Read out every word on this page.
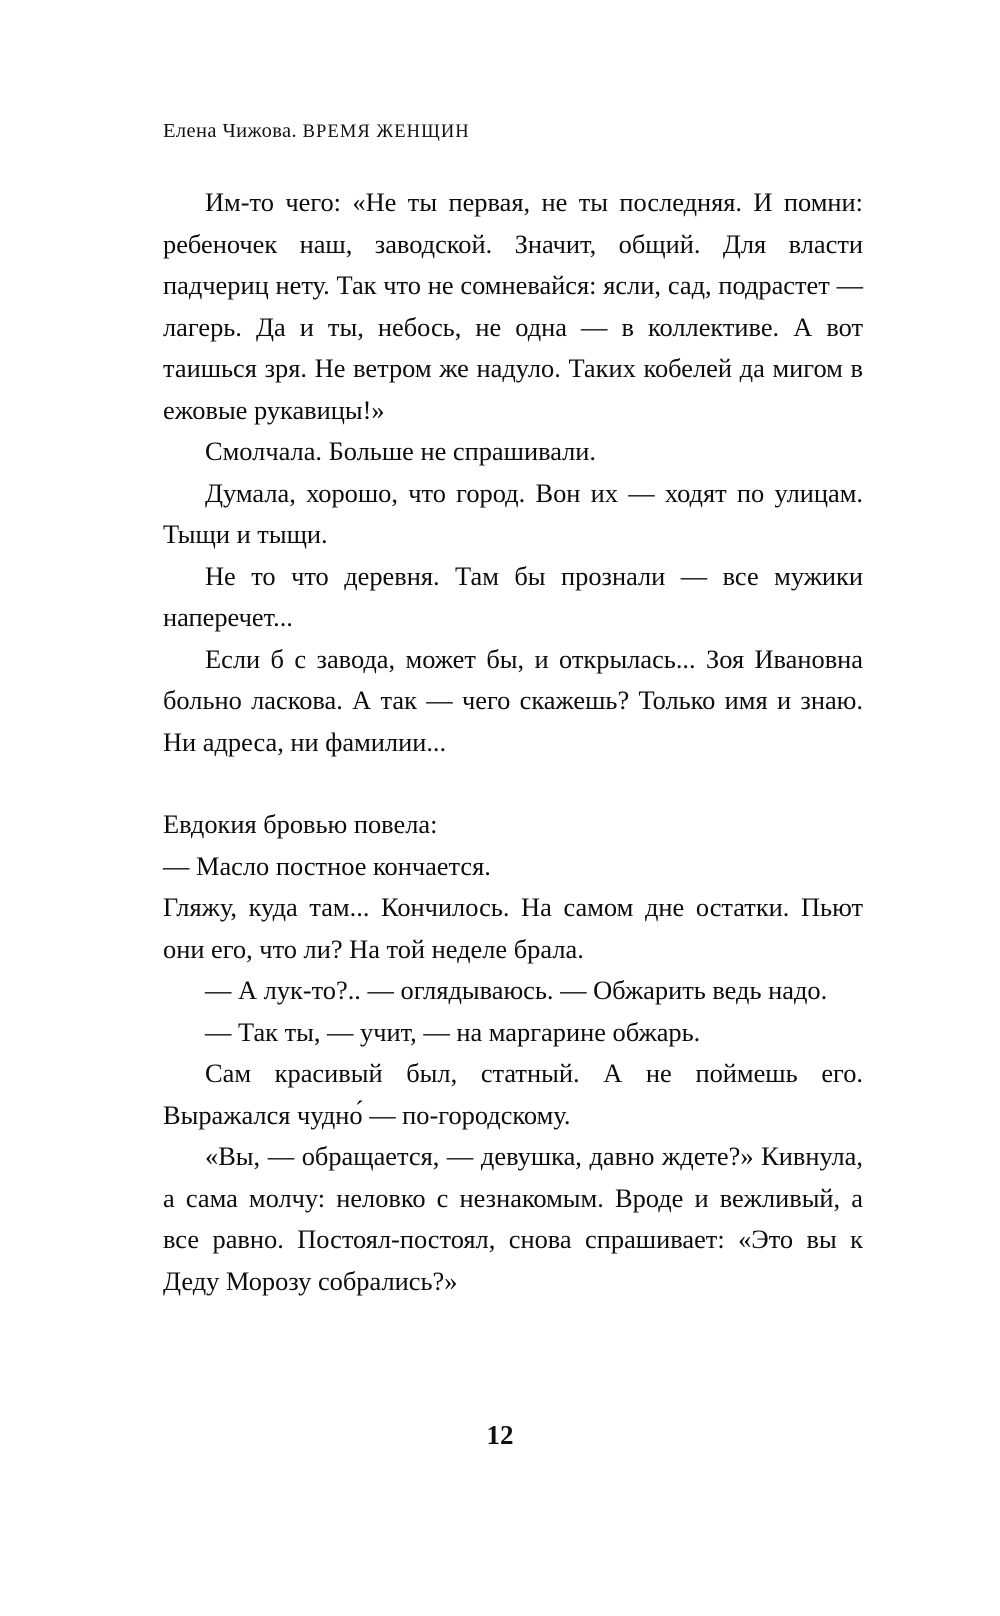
Елена Чижова. ВРЕМЯ ЖЕНЩИН

Им-то чего: «Не ты первая, не ты последняя. И помни: ребеночек наш, заводской. Значит, общий. Для власти падчериц нету. Так что не сомневайся: ясли, сад, подрастет — лагерь. Да и ты, небось, не одна — в коллективе. А вот таишься зря. Не ветром же надуло. Таких кобелей да мигом в ежовые рукавицы!»

Смолчала. Больше не спрашивали.

Думала, хорошо, что город. Вон их — ходят по улицам. Тыщи и тыщи.

Не то что деревня. Там бы прознали — все мужики наперечет...

Если б с завода, может бы, и открылась... Зоя Ивановна больно ласкова. А так — чего скажешь? Только имя и знаю. Ни адреса, ни фамилии...

Евдокия бровью повела:

— Масло постное кончается.

Гляжу, куда там... Кончилось. На самом дне остатки. Пьют они его, что ли? На той неделе брала.

— А лук-то?.. — оглядываюсь. — Обжарить ведь надо.

— Так ты, — учит, — на маргарине обжарь.

Сам красивый был, статный. А не поймешь его. Выражался чудно́ — по-городскому.

«Вы, — обращается, — девушка, давно ждете?» Кивнула, а сама молчу: неловко с незнакомым. Вроде и вежливый, а все равно. Постоял-постоял, снова спрашивает: «Это вы к Деду Морозу собрались?»

12
